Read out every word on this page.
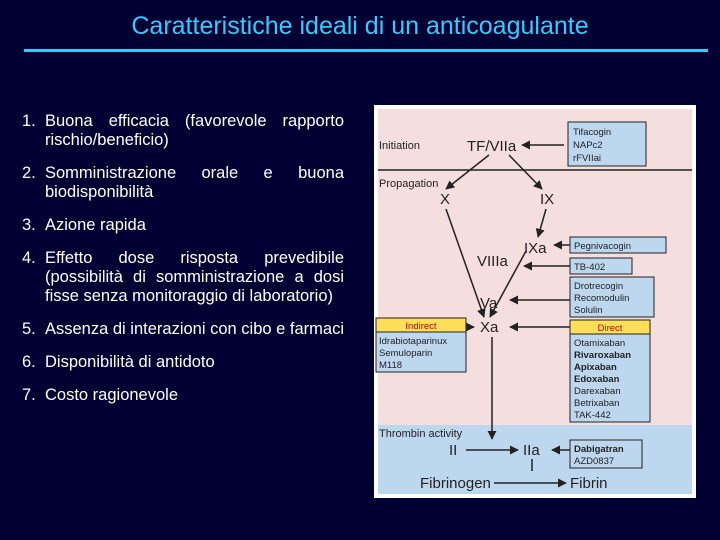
Caratteristiche ideali di un anticoagulante
1. Buona efficacia (favorevole rapporto rischio/beneficio)
2. Somministrazione orale e buona biodisponibilità
3. Azione rapida
4. Effetto dose risposta prevedibile (possibilità di somministrazione a dosi fisse senza monitoraggio di laboratorio)
5. Assenza di interazioni con cibo e farmaci
6. Disponibilità di antidoto
7. Costo ragionevole
Initiation
Propagation
Thrombin activity
TF/VIIa
X	IX
IXa
VIIIa
Va
Xa
II	IIa
Fibrinogen	Fibrin
Tifacogin
NAPc2
rFVIIai
Pegnivacogin
TB-402
Drotrecogin
Recomodulin
Solulin
Indirect
Idrabiotaparinux
Semuloparin
M118
Direct
Otamixaban
Rivaroxaban
Apixaban
Edoxaban
Darexaban
Betrixaban
TAK-442
Dabigatran
AZD0837
